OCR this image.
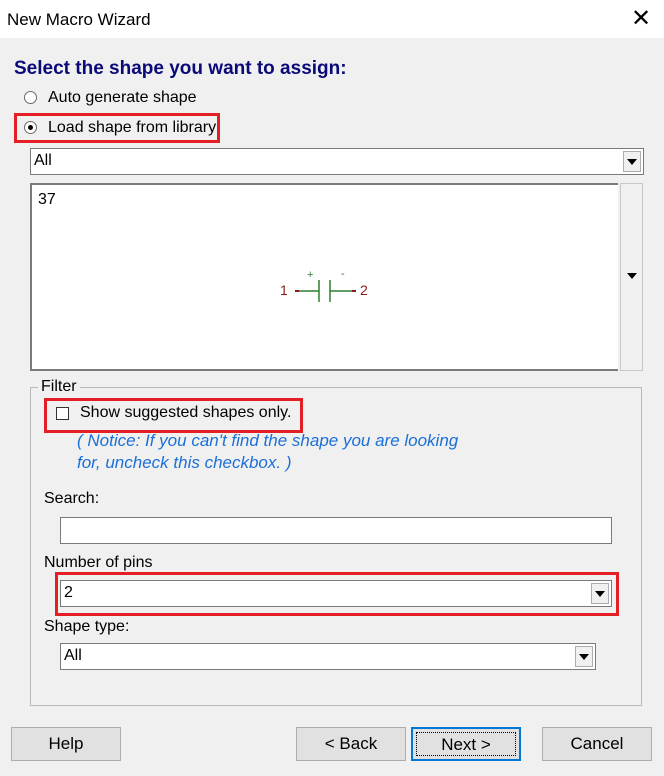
New Macro Wizard	✕
Select the shape you want to assign:
Auto generate shape
Load shape from library
All
37
1	2
+	-
Filter
Show suggested shapes only.
( Notice: If you can't find the shape you are looking
for, uncheck this checkbox. )
Search:
Number of pins
2
Shape type:
All
Help	< Back	Next >	Cancel
